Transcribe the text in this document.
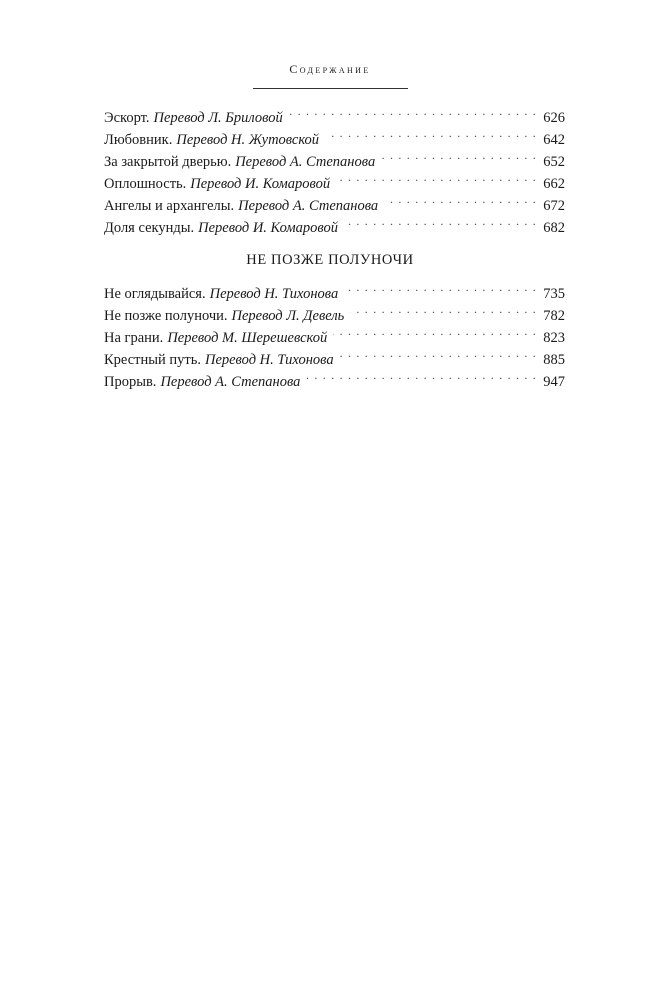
Содержание
Эскорт. Перевод Л. Бриловой . . .	626
Любовник. Перевод Н. Жутовской . . .	642
За закрытой дверью. Перевод А. Степанова . . .	652
Оплошность. Перевод И. Комаровой . . .	662
Ангелы и архангелы. Перевод А. Степанова . . .	672
Доля секунды. Перевод И. Комаровой . . .	682
НЕ ПОЗЖЕ ПОЛУНОЧИ
Не оглядывайся. Перевод Н. Тихонова . . .	735
Не позже полуночи. Перевод Л. Девель . . .	782
На грани. Перевод М. Шерешевской . . .	823
Крестный путь. Перевод Н. Тихонова . . .	885
Прорыв. Перевод А. Степанова . . .	947
